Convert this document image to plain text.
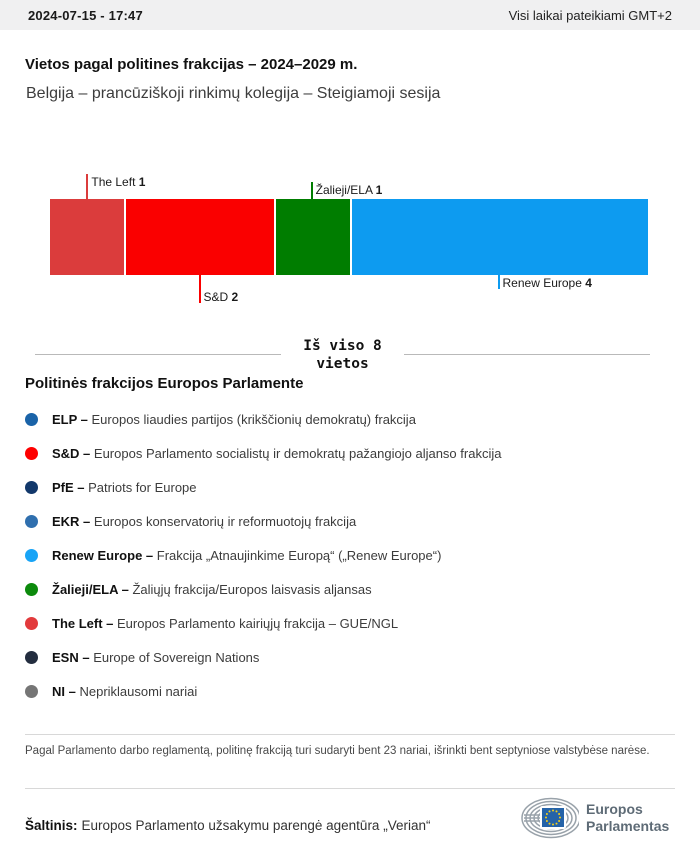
2024-07-15 - 17:47	Visi laikai pateikiami GMT+2
Vietos pagal politines frakcijas – 2024–2029 m.
Belgija – prancūziškoji rinkimų kolegija – Steigiamoji sesija
The Left 1
S&D 2
Žalieji/ELA 1
Renew Europe 4
Iš viso 8
vietos
Politinės frakcijos Europos Parlamente
ELP – Europos liaudies partijos (krikščionių demokratų) frakcija
S&D – Europos Parlamento socialistų ir demokratų pažangiojo aljanso frakcija
PfE – Patriots for Europe
EKR – Europos konservatorių ir reformuotojų frakcija
Renew Europe – Frakcija „Atnaujinkime Europą“ („Renew Europe“)
Žalieji/ELA – Žaliųjų frakcija/Europos laisvasis aljansas
The Left – Europos Parlamento kairiųjų frakcija – GUE/NGL
ESN – Europe of Sovereign Nations
NI – Nepriklausomi nariai

Pagal Parlamento darbo reglamentą, politinę frakciją turi sudaryti bent 23 nariai, išrinkti bent septyniose valstybėse narėse.

Šaltinis: Europos Parlamento užsakymu parengė agentūra „Verian“

Europos
Parlamentas
